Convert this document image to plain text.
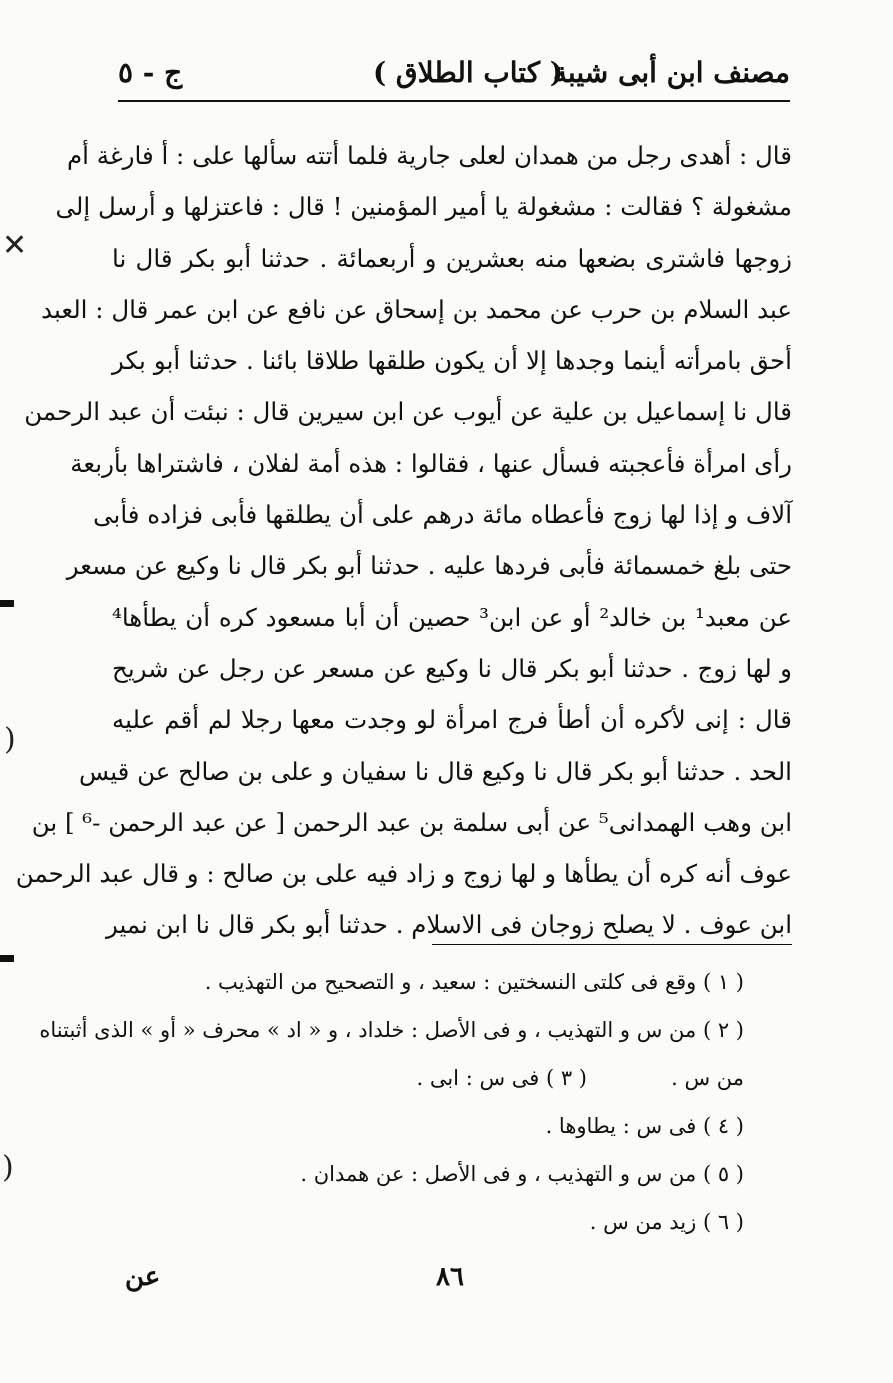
مصنف ابن أبى شيبة
( كتاب الطلاق )
ج - ٥
قال : أهدى رجل من همدان لعلى جارية فلما أتته سألها على : أ فارغة أم
مشغولة ؟ فقالت : مشغولة يا أمير المؤمنين ! قال : فاعتزلها و أرسل إلى
زوجها فاشترى بضعها منه بعشرين و أربعمائة . حدثنا أبو بكر قال نا
عبد السلام بن حرب عن محمد بن إسحاق عن نافع عن ابن عمر قال : العبد
أحق بامرأته أينما وجدها إلا أن يكون طلقها طلاقا بائنا . حدثنا أبو بكر
قال نا إسماعيل بن علية عن أيوب عن ابن سيرين قال : نبئت أن عبد الرحمن
رأى امرأة فأعجبته فسأل عنها ، فقالوا : هذه أمة لفلان ، فاشتراها بأربعة
آلاف و إذا لها زوج فأعطاه مائة درهم على أن يطلقها فأبى فزاده فأبى
حتى بلغ خمسمائة فأبى فردها عليه . حدثنا أبو بكر قال نا وكيع عن مسعر
عن معبد¹ بن خالد² أو عن ابن³ حصين أن أبا مسعود كره أن يطأها⁴
و لها زوج . حدثنا أبو بكر قال نا وكيع عن مسعر عن رجل عن شريح
قال : إنى لأكره أن أطأ فرج امرأة لو وجدت معها رجلا لم أقم عليه
الحد . حدثنا أبو بكر قال نا وكيع قال نا سفيان و على بن صالح عن قيس
ابن وهب الهمدانى⁵ عن أبى سلمة بن عبد الرحمن [ عن عبد الرحمن -⁶ ] بن
عوف أنه كره أن يطأها و لها زوج و زاد فيه على بن صالح : و قال عبد الرحمن
ابن عوف . لا يصلح زوجان فى الاسلام . حدثنا أبو بكر قال نا ابن نمير
( ١ ) وقع فى كلتى النسختين : سعيد ، و التصحيح من التهذيب .
( ٢ ) من س و التهذيب ، و فى الأصل : خلداد ، و « اد » محرف « أو » الذى أثبتناه
من س .
( ٣ ) فى س : ابى .
( ٤ ) فى س : يطاوها .
( ٥ ) من س و التهذيب ، و فى الأصل : عن همدان .
( ٦ ) زيد من س .
٨٦
عن
✕
)
)
